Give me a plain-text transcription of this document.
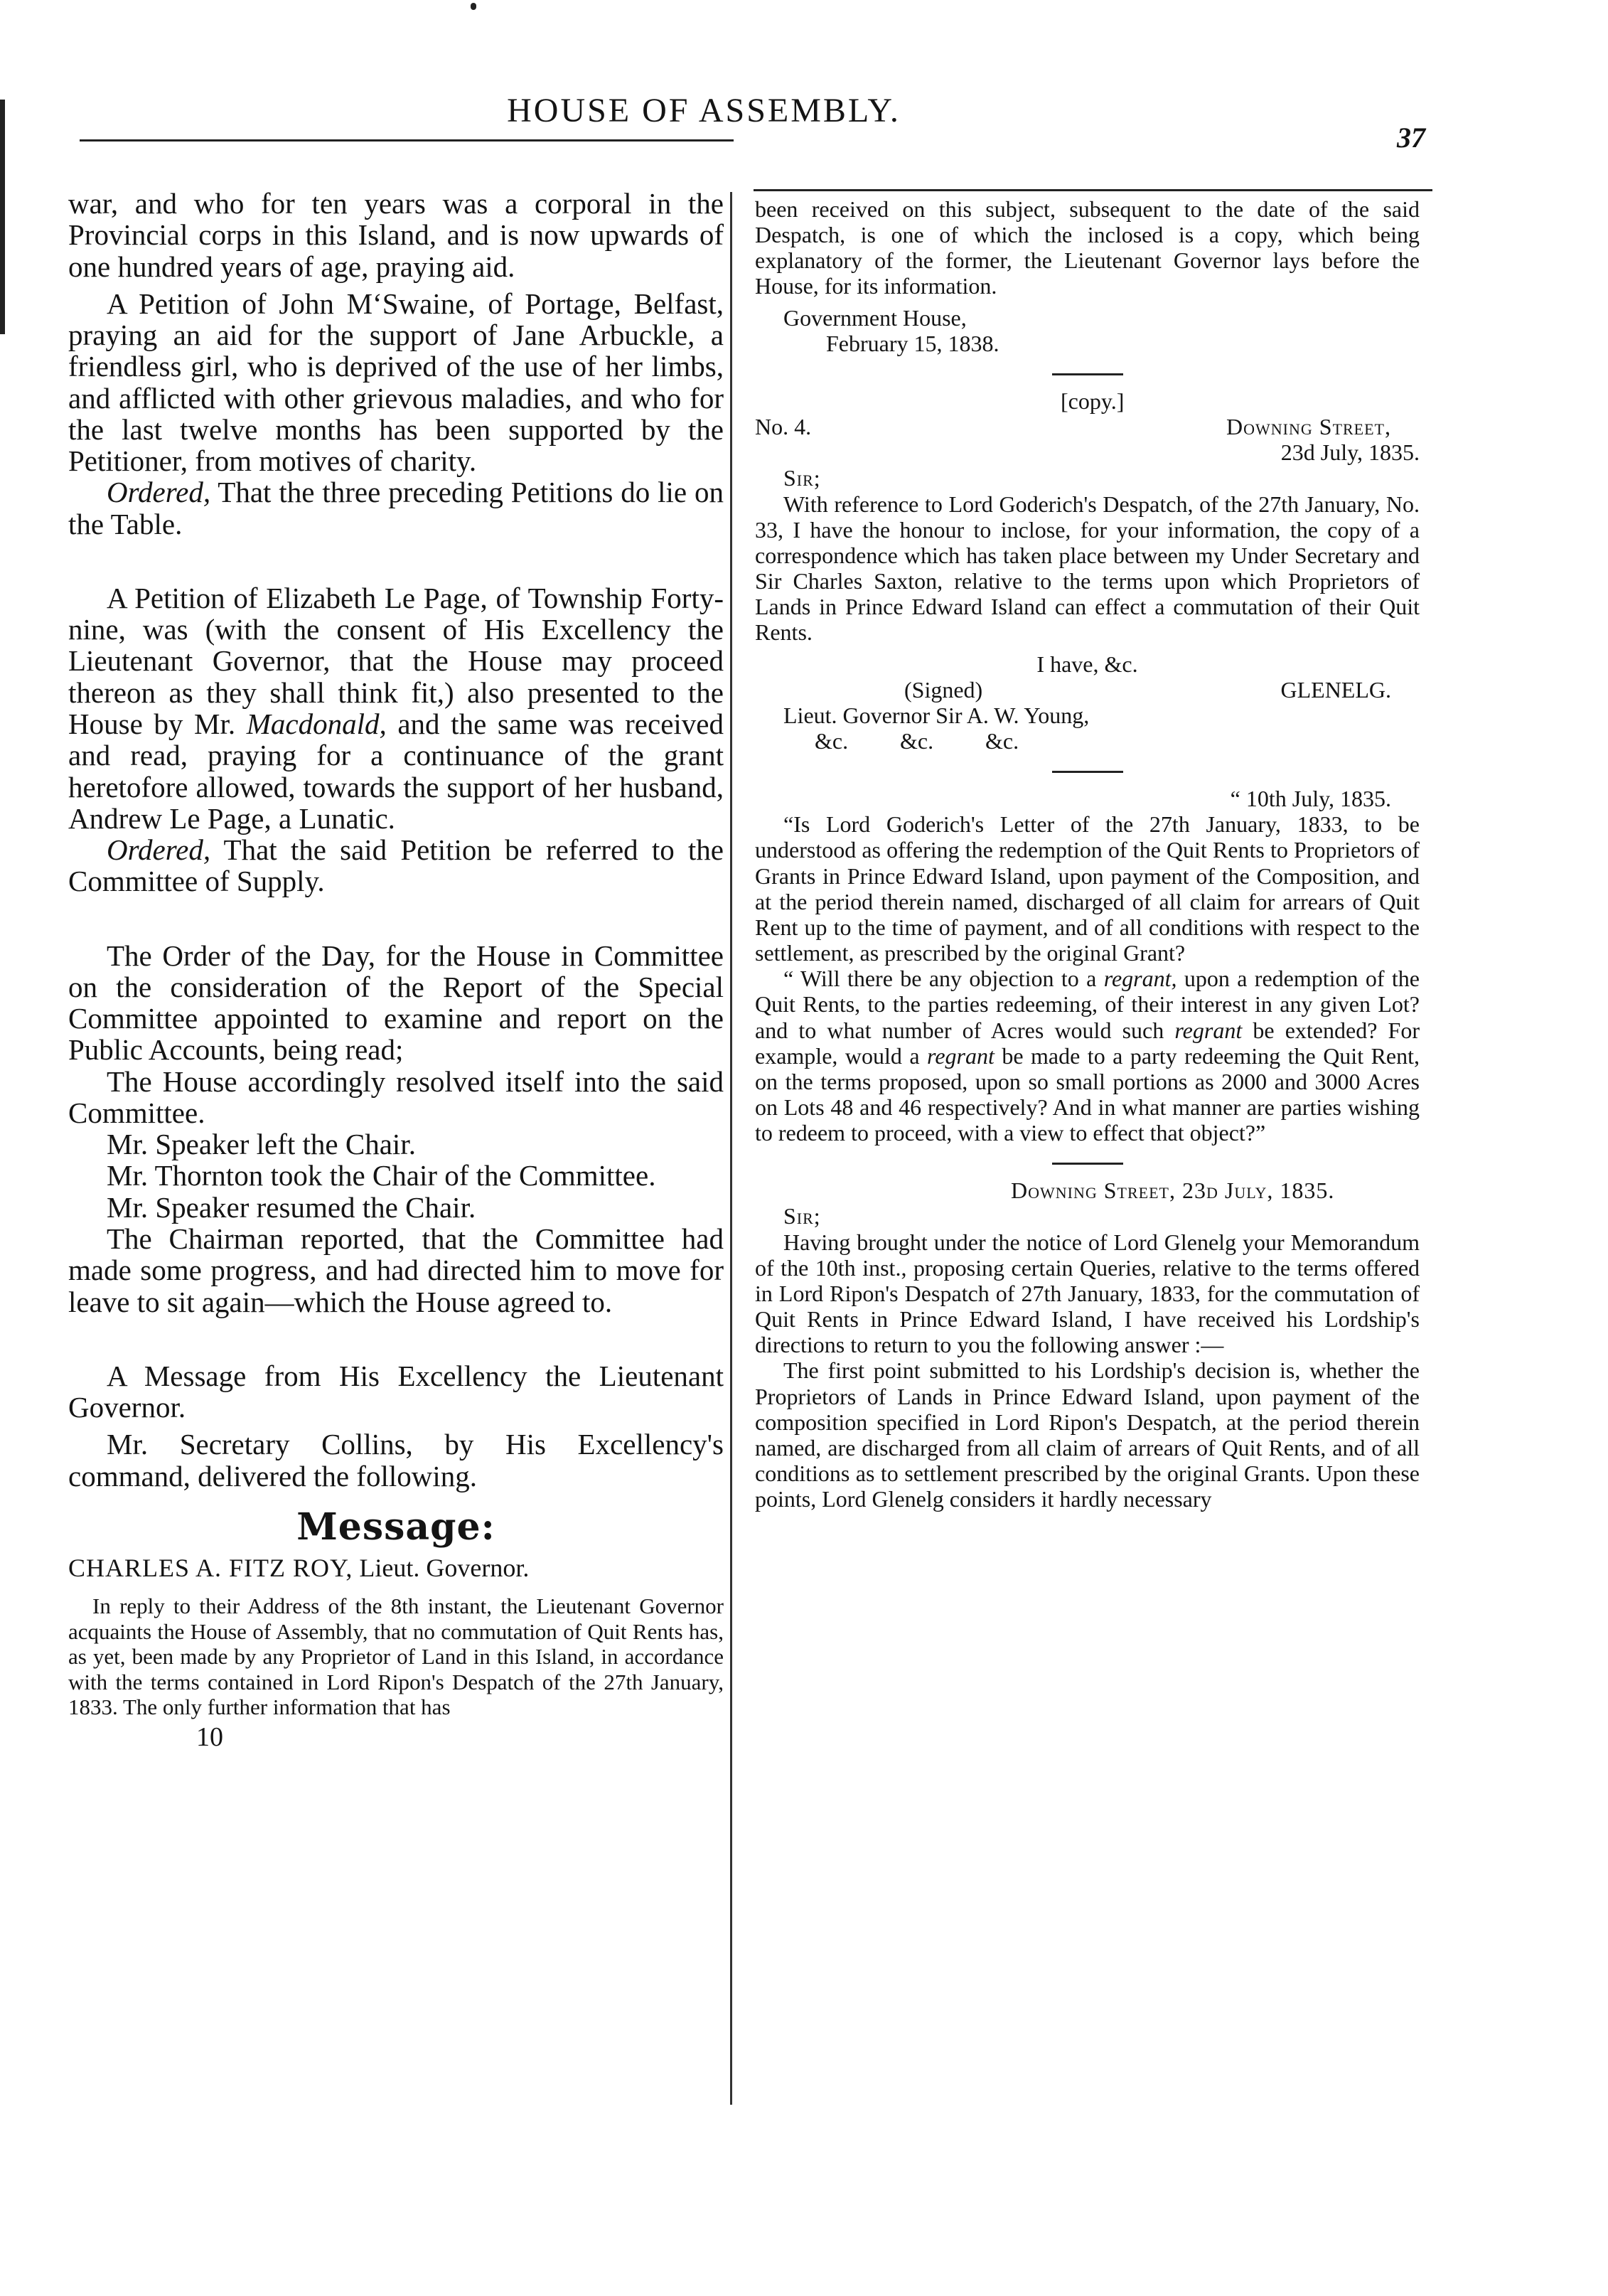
HOUSE OF ASSEMBLY.
37

war, and who for ten years was a corporal in the Provincial corps in this Island, and is now upwards of one hundred years of age, praying aid.

A Petition of John M‘Swaine, of Portage, Belfast, praying an aid for the support of Jane Arbuckle, a friendless girl, who is deprived of the use of her limbs, and afflicted with other grievous maladies, and who for the last twelve months has been supported by the Petitioner, from motives of charity.

Ordered, That the three preceding Petitions do lie on the Table.

A Petition of Elizabeth Le Page, of Township Forty-nine, was (with the consent of His Excellency the Lieutenant Governor, that the House may proceed thereon as they shall think fit,) also presented to the House by Mr. Macdonald, and the same was received and read, praying for a continuance of the grant heretofore allowed, towards the support of her husband, Andrew Le Page, a Lunatic.

Ordered, That the said Petition be referred to the Committee of Supply.

The Order of the Day, for the House in Committee on the consideration of the Report of the Special Committee appointed to examine and report on the Public Accounts, being read;

The House accordingly resolved itself into the said Committee.

Mr. Speaker left the Chair.

Mr. Thornton took the Chair of the Committee.

Mr. Speaker resumed the Chair.

The Chairman reported, that the Committee had made some progress, and had directed him to move for leave to sit again—which the House agreed to.

A Message from His Excellency the Lieutenant Governor.

Mr. Secretary Collins, by His Excellency's command, delivered the following.

Message:

CHARLES A. FITZ ROY, Lieut. Governor.

In reply to their Address of the 8th instant, the Lieutenant Governor acquaints the House of Assembly, that no commutation of Quit Rents has, as yet, been made by any Proprietor of Land in this Island, in accordance with the terms contained in Lord Ripon's Despatch of the 27th January, 1833. The only further information that has

10

been received on this subject, subsequent to the date of the said Despatch, is one of which the inclosed is a copy, which being explanatory of the former, the Lieutenant Governor lays before the House, for its information.

Government House,

February 15, 1838.

[copy.]

No. 4.	Downing Street,

23d July, 1835.

Sir;

With reference to Lord Goderich's Despatch, of the 27th January, No. 33, I have the honour to inclose, for your information, the copy of a correspondence which has taken place between my Under Secretary and Sir Charles Saxton, relative to the terms upon which Proprietors of Lands in Prince Edward Island can effect a commutation of their Quit Rents.

I have, &c.

(Signed)	GLENELG.

Lieut. Governor Sir A. W. Young,

&c. &c. &c.

“ 10th July, 1835.

“Is Lord Goderich's Letter of the 27th January, 1833, to be understood as offering the redemption of the Quit Rents to Proprietors of Grants in Prince Edward Island, upon payment of the Composition, and at the period therein named, discharged of all claim for arrears of Quit Rent up to the time of payment, and of all conditions with respect to the settlement, as prescribed by the original Grant?

“ Will there be any objection to a regrant, upon a redemption of the Quit Rents, to the parties redeeming, of their interest in any given Lot? and to what number of Acres would such regrant be extended? For example, would a regrant be made to a party redeeming the Quit Rent, on the terms proposed, upon so small portions as 2000 and 3000 Acres on Lots 48 and 46 respectively? And in what manner are parties wishing to redeem to proceed, with a view to effect that object?”

Downing Street, 23d July, 1835.

Sir;

Having brought under the notice of Lord Glenelg your Memorandum of the 10th inst., proposing certain Queries, relative to the terms offered in Lord Ripon's Despatch of 27th January, 1833, for the commutation of Quit Rents in Prince Edward Island, I have received his Lordship's directions to return to you the following answer :—

The first point submitted to his Lordship's decision is, whether the Proprietors of Lands in Prince Edward Island, upon payment of the composition specified in Lord Ripon's Despatch, at the period therein named, are discharged from all claim of arrears of Quit Rents, and of all conditions as to settlement prescribed by the original Grants. Upon these points, Lord Glenelg considers it hardly necessary
